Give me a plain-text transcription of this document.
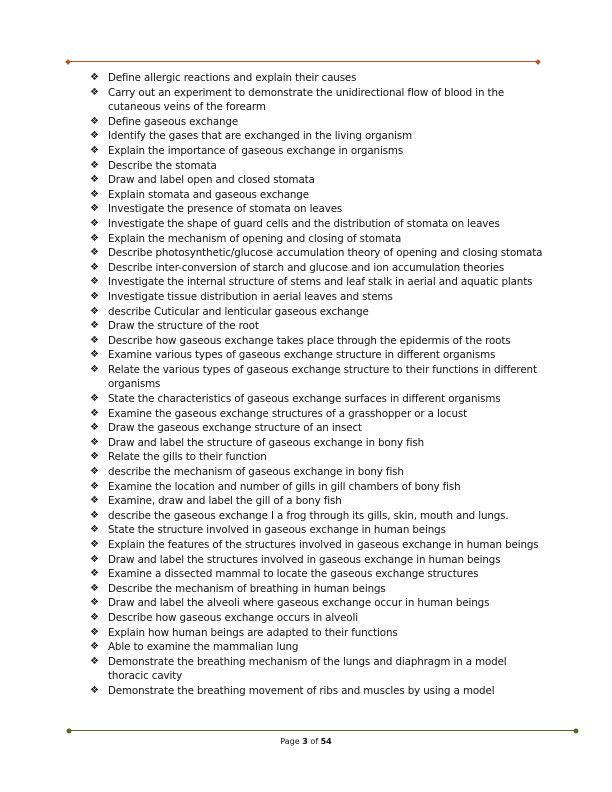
❖ Define allergic reactions and explain their causes
❖ Carry out an experiment to demonstrate the unidirectional flow of blood in the cutaneous veins of the forearm
❖ Define gaseous exchange
❖ Identify the gases that are exchanged in the living organism
❖ Explain the importance of gaseous exchange in organisms
❖ Describe the stomata
❖ Draw and label open and closed stomata
❖ Explain stomata and gaseous exchange
❖ Investigate the presence of stomata on leaves
❖ Investigate the shape of guard cells and the distribution of stomata on leaves
❖ Explain the mechanism of opening and closing of stomata
❖ Describe photosynthetic/glucose accumulation theory of opening and closing stomata
❖ Describe inter-conversion of starch and glucose and ion accumulation theories
❖ Investigate the internal structure of stems and leaf stalk in aerial and aquatic plants
❖ Investigate tissue distribution in aerial leaves and stems
❖ describe Cuticular and lenticular gaseous exchange
❖ Draw the structure of the root
❖ Describe how gaseous exchange takes place through the epidermis of the roots
❖ Examine various types of gaseous exchange structure in different organisms
❖ Relate the various types of gaseous exchange structure to their functions in different organisms
❖ State the characteristics of gaseous exchange surfaces in different organisms
❖ Examine the gaseous exchange structures of a grasshopper or a locust
❖ Draw the gaseous exchange structure of an insect
❖ Draw and label the structure of gaseous exchange in bony fish
❖ Relate the gills to their function
❖ describe the mechanism of gaseous exchange in bony fish
❖ Examine the location and number of gills in gill chambers of bony fish
❖ Examine, draw and label the gill of a bony fish
❖ describe the gaseous exchange I a frog through its gills, skin, mouth and lungs.
❖ State the structure involved in gaseous exchange in human beings
❖ Explain the features of the structures involved in gaseous exchange in human beings
❖ Draw and label the structures involved in gaseous exchange in human beings
❖ Examine a dissected mammal to locate the gaseous exchange structures
❖ Describe the mechanism of breathing in human beings
❖ Draw and label the alveoli where gaseous exchange occur in human beings
❖ Describe how gaseous exchange occurs in alveoli
❖ Explain how human beings are adapted to their functions
❖ Able to examine the mammalian lung
❖ Demonstrate the breathing mechanism of the lungs and diaphragm in a model thoracic cavity
❖ Demonstrate the breathing movement of ribs and muscles by using a model
Page 3 of 54
